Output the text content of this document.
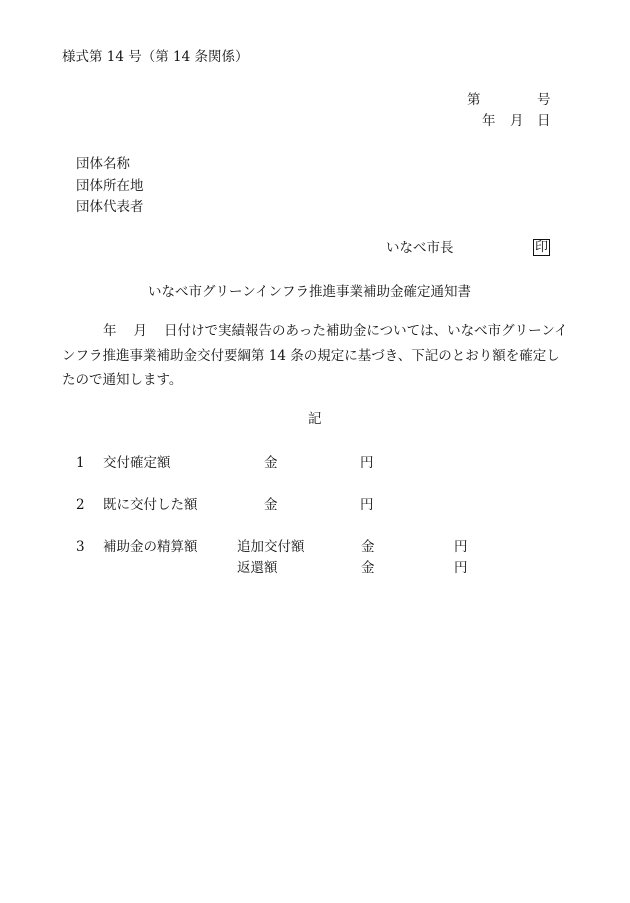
様式第 14 号（第 14 条関係）
第	号
年 月 日
団体名称
団体所在地
団体代表者
いなべ市長	印
いなべ市グリーンインフラ推進事業補助金確定通知書
年 月 日付けで実績報告のあった補助金については、いなべ市グリーンイ
ンフラ推進事業補助金交付要綱第 14 条の規定に基づき、下記のとおり額を確定し
たので通知します。
記
1 交付確定額	金	円
2 既に交付した額	金	円
3 補助金の精算額	追加交付額	金	円
返還額	金	円
